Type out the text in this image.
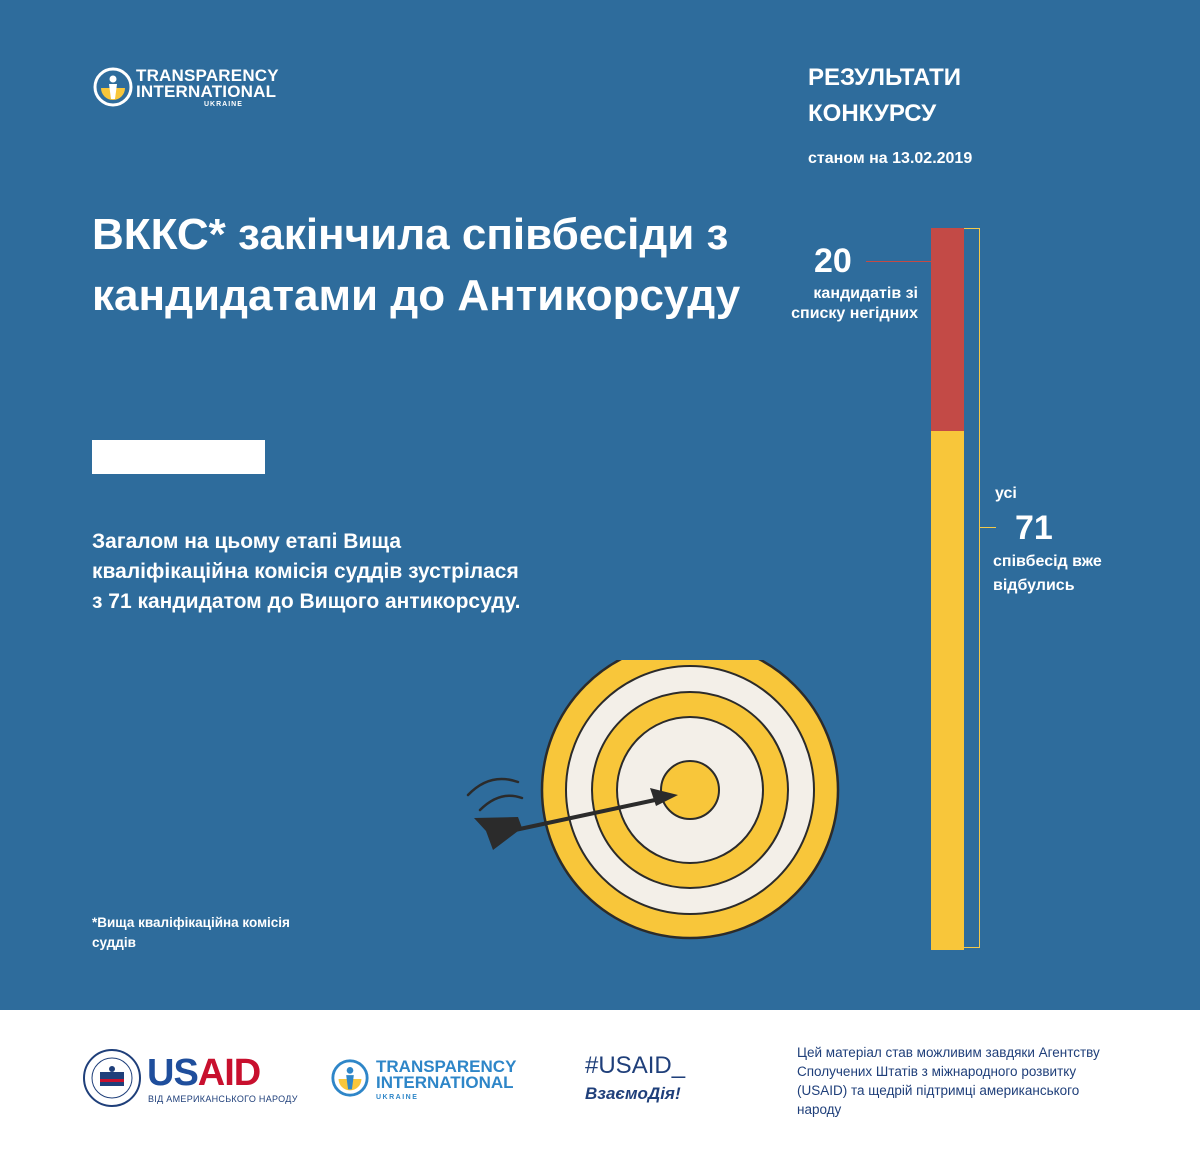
TRANSPARENCY
INTERNATIONAL
UKRAINE
РЕЗУЛЬТАТИ КОНКУРСУ
станом на 13.02.2019
ВККС* закінчила співбесіди з кандидатами до Антикорсуду
Загалом на цьому етапі Вища кваліфікаційна комісія суддів зустрілася з 71 кандидатом до Вищого антикорсуду.
*Вища кваліфікаційна комісія суддів
20
кандидатів зі списку негідних
усі
71
співбесід вже відбулись
USAID
ВІД АМЕРИКАНСЬКОГО НАРОДУ
TRANSPARENCY
INTERNATIONAL
UKRAINE
#USAID_
ВзаємоДія!
Цей матеріал став можливим завдяки Агентству Сполучених Штатів з міжнародного розвитку (USAID) та щедрій підтримці американського народу
